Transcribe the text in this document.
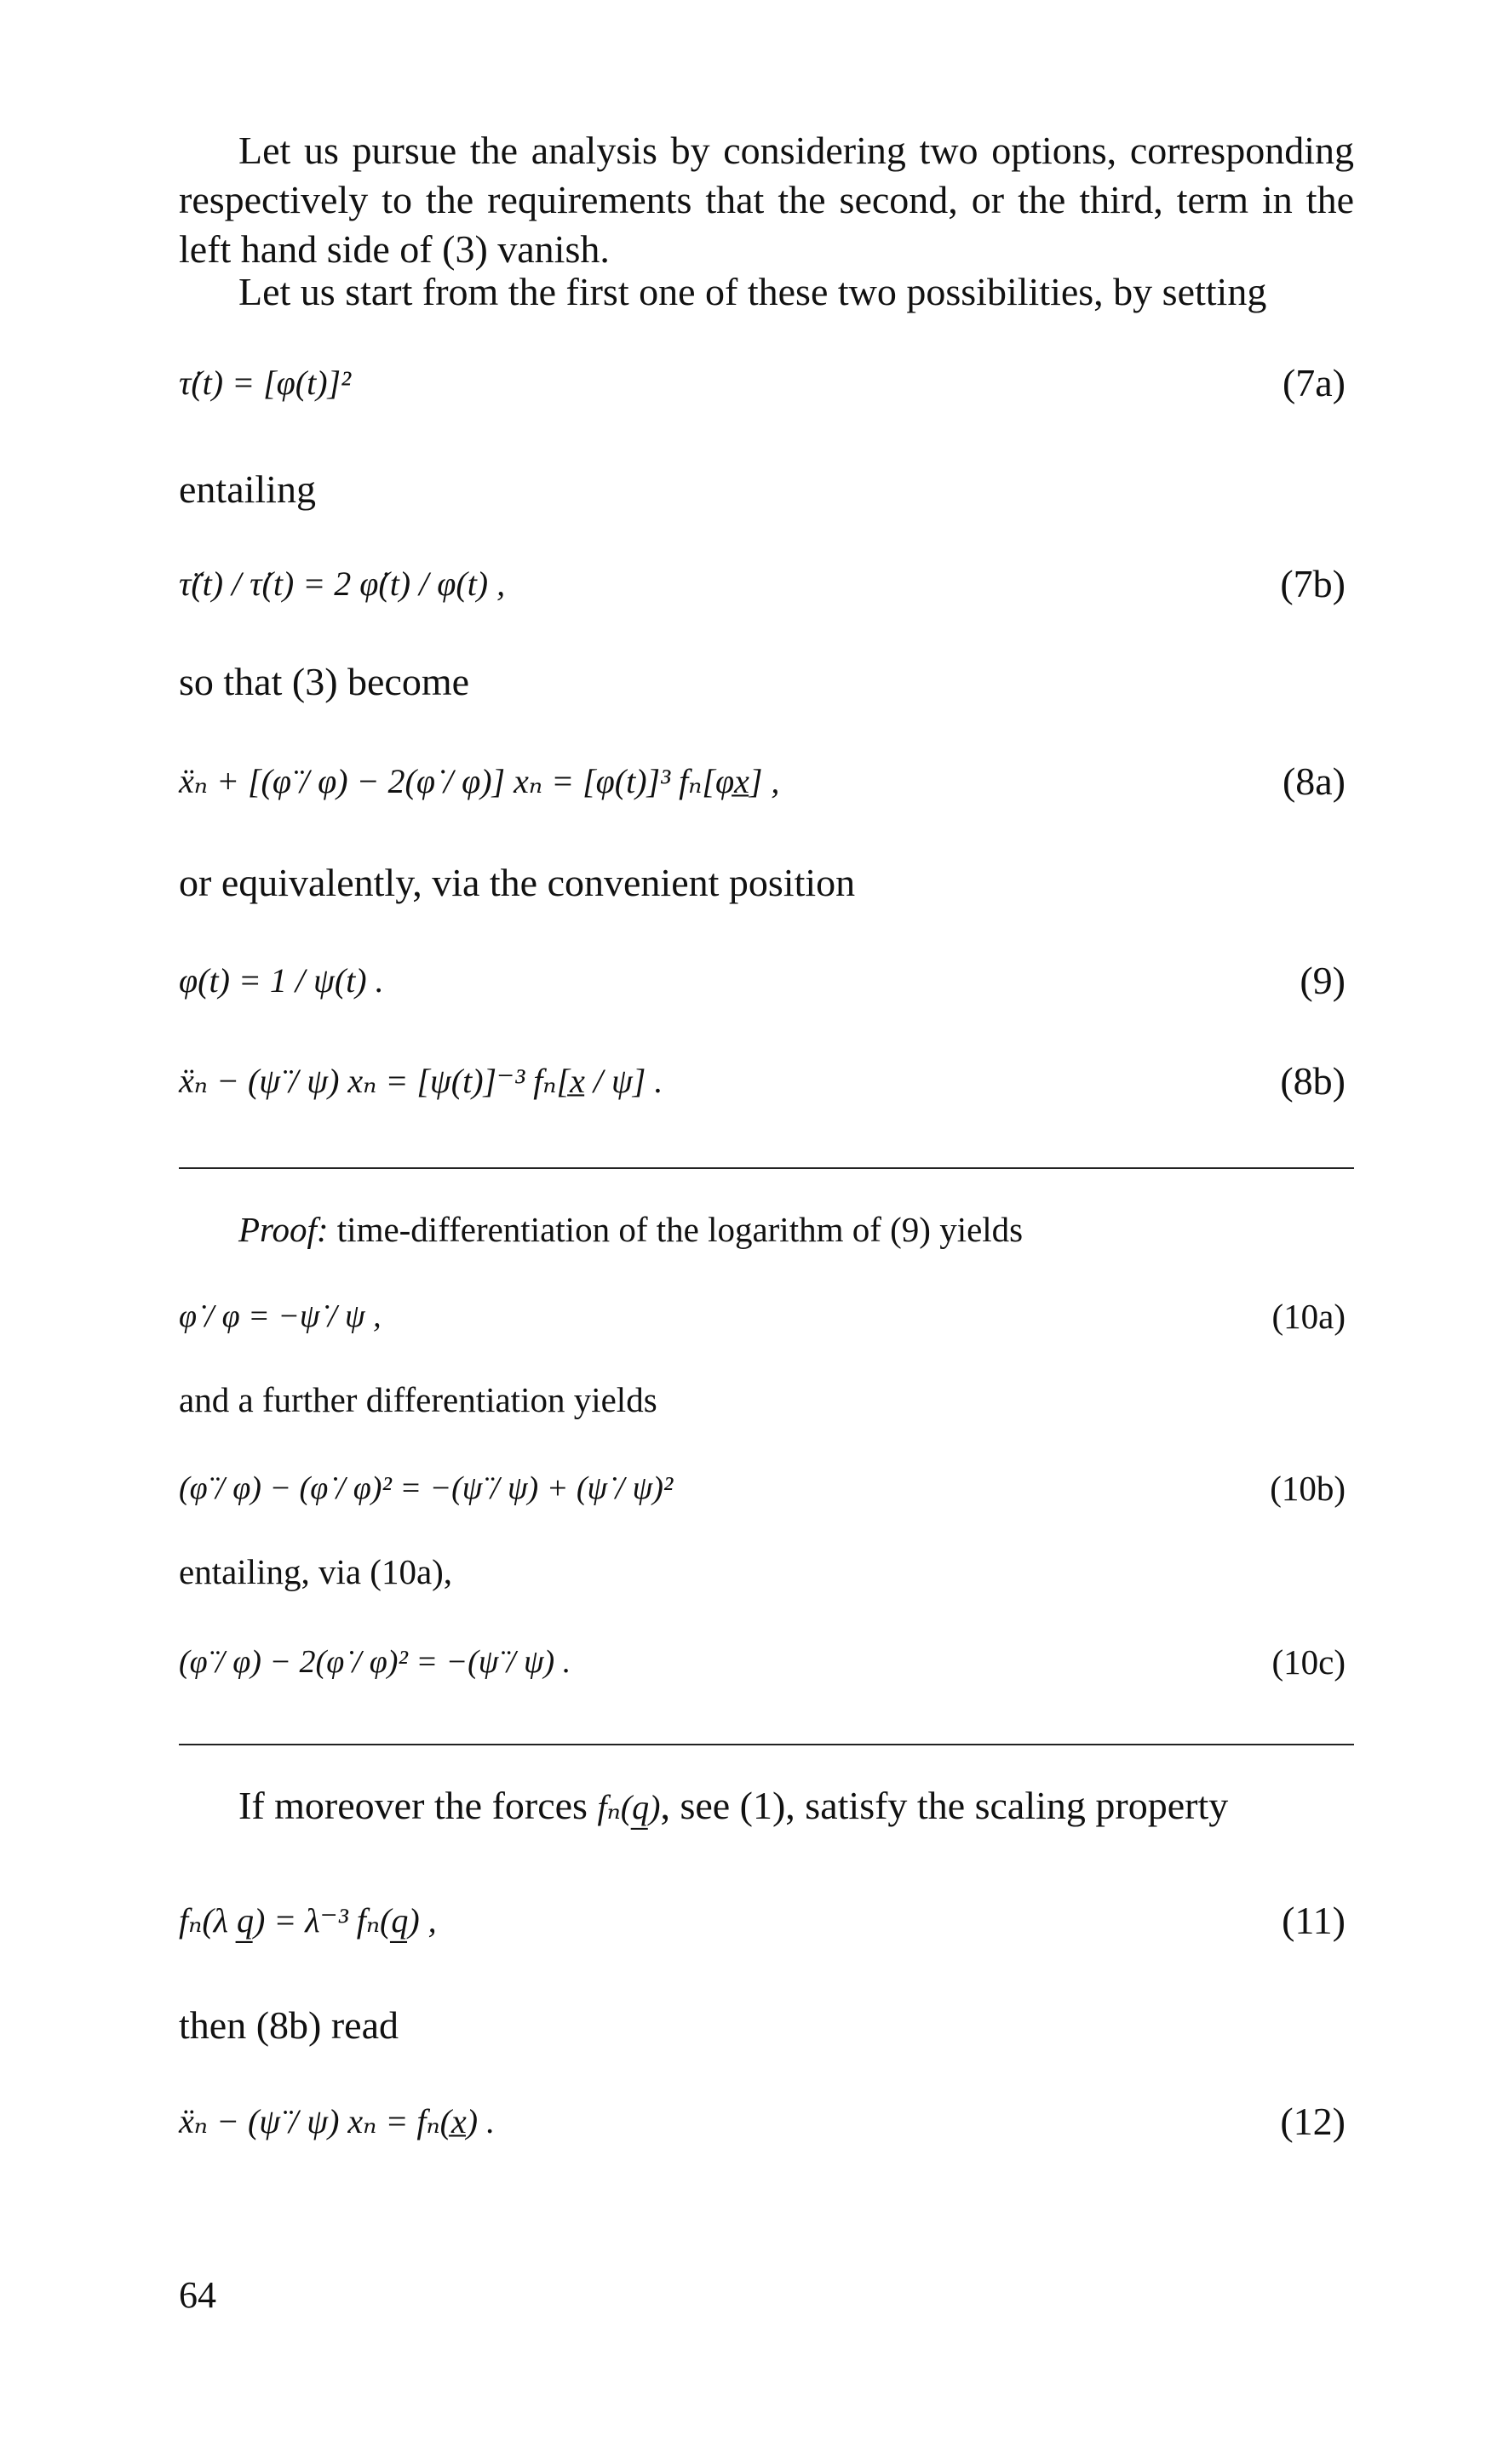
Let us pursue the analysis by considering two options, corresponding respectively to the requirements that the second, or the third, term in the left hand side of (3) vanish.

Let us start from the first one of these two possibilities, by setting

τ̇(t) = [φ(t)]²	(7a)

entailing

τ̈(t) / τ̇(t) = 2 φ̇(t) / φ(t) ,	(7b)

so that (3) become

ẍₙ + [(φ̈ / φ) − 2(φ̇ / φ)] xₙ = [φ(t)]³ fₙ[φx̲] ,	(8a)

or equivalently, via the convenient position

φ(t) = 1 / ψ(t) .	(9)
ẍₙ − (ψ̈ / ψ) xₙ = [ψ(t)]⁻³ fₙ[x̲ / ψ] .	(8b)

Proof: time-differentiation of the logarithm of (9) yields

φ̇ / φ = −ψ̇ / ψ ,	(10a)

and a further differentiation yields

(φ̈ / φ) − (φ̇ / φ)² = −(ψ̈ / ψ) + (ψ̇ / ψ)²	(10b)

entailing, via (10a),

(φ̈ / φ) − 2(φ̇ / φ)² = −(ψ̈ / ψ) .	(10c)

If moreover the forces fₙ(q̲), see (1), satisfy the scaling property

fₙ(λ q̲) = λ⁻³ fₙ(q̲) ,	(11)

then (8b) read

ẍₙ − (ψ̈ / ψ) xₙ = fₙ(x̲) .	(12)
64
